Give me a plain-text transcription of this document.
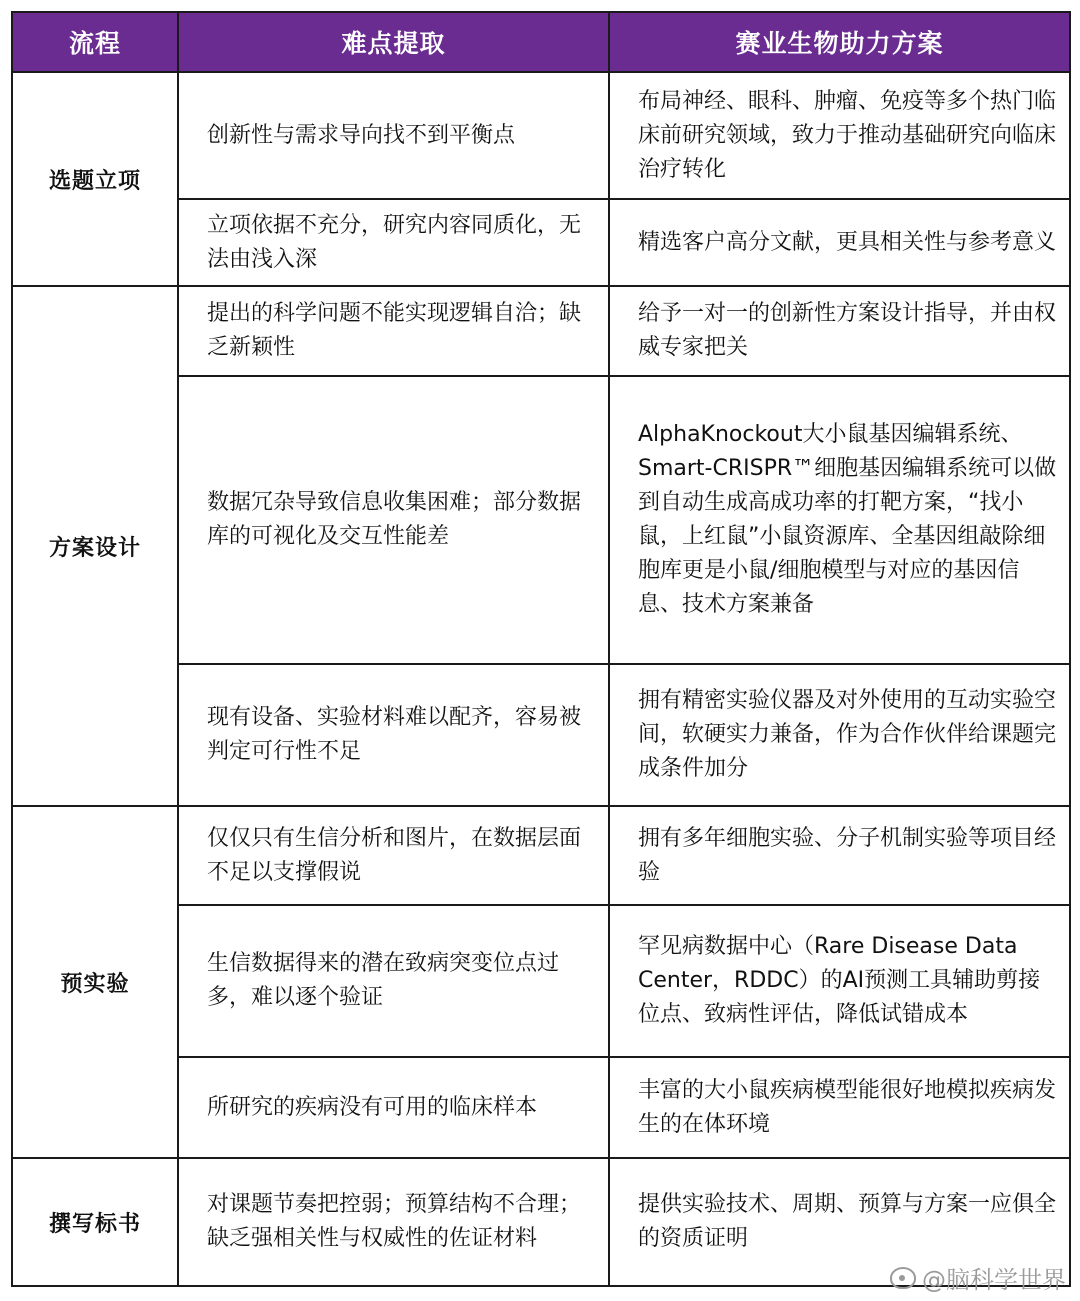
流程	难点提取	赛业生物助力方案
选题立项	创新性与需求导向找不到平衡点	布局神经、眼科、肿瘤、免疫等多个热门临床前研究领域，致力于推动基础研究向临床治疗转化
	立项依据不充分，研究内容同质化，无法由浅入深	精选客户高分文献，更具相关性与参考意义
方案设计	提出的科学问题不能实现逻辑自洽；缺乏新颖性	给予一对一的创新性方案设计指导，并由权威专家把关
	数据冗杂导致信息收集困难；部分数据库的可视化及交互性能差	AlphaKnockout大小鼠基因编辑系统、Smart-CRISPR™细胞基因编辑系统可以做到自动生成高成功率的打靶方案，“找小鼠，上红鼠”小鼠资源库、全基因组敲除细胞库更是小鼠/细胞模型与对应的基因信息、技术方案兼备
	现有设备、实验材料难以配齐，容易被判定可行性不足	拥有精密实验仪器及对外使用的互动实验空间，软硬实力兼备，作为合作伙伴给课题完成条件加分
预实验	仅仅只有生信分析和图片，在数据层面不足以支撑假说	拥有多年细胞实验、分子机制实验等项目经验
	生信数据得来的潜在致病突变位点过多，难以逐个验证	罕见病数据中心（Rare Disease Data Center，RDDC）的AI预测工具辅助剪接位点、致病性评估，降低试错成本
	所研究的疾病没有可用的临床样本	丰富的大小鼠疾病模型能很好地模拟疾病发生的在体环境
撰写标书	对课题节奏把控弱；预算结构不合理；缺乏强相关性与权威性的佐证材料	提供实验技术、周期、预算与方案一应俱全的资质证明
@脑科学世界
